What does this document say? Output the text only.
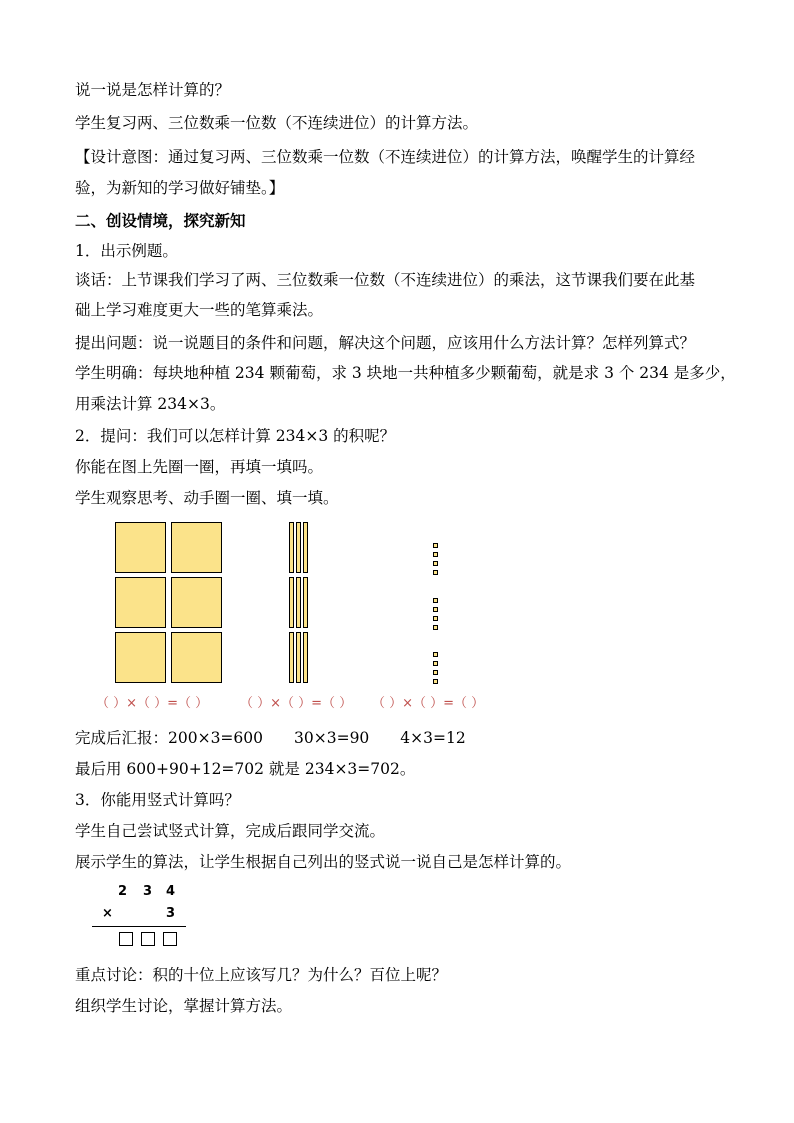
说一说是怎样计算的？
学生复习两、三位数乘一位数（不连续进位）的计算方法。
【设计意图：通过复习两、三位数乘一位数（不连续进位）的计算方法，唤醒学生的计算经
验，为新知的学习做好铺垫。】
二、创设情境，探究新知
1．出示例题。
谈话：上节课我们学习了两、三位数乘一位数（不连续进位）的乘法，这节课我们要在此基
础上学习难度更大一些的笔算乘法。
提出问题：说一说题目的条件和问题，解决这个问题，应该用什么方法计算？怎样列算式？
学生明确：每块地种植 234 颗葡萄，求 3 块地一共种植多少颗葡萄，就是求 3 个 234 是多少，
用乘法计算 234×3。
2．提问：我们可以怎样计算 234×3 的积呢？
你能在图上先圈一圈，再填一填吗。
学生观察思考、动手圈一圈、填一填。
（ ）×（ ）=（ ） （ ）×（ ）=（ ） （ ）×（ ）=（ ）
完成后汇报：200×3=600　　30×3=90　　4×3=12
最后用 600+90+12=702 就是 234×3=702。
3．你能用竖式计算吗？
学生自己尝试竖式计算，完成后跟同学交流。
展示学生的算法，让学生根据自己列出的竖式说一说自己是怎样计算的。
2 3 4
×	3
重点讨论：积的十位上应该写几？为什么？百位上呢？
组织学生讨论，掌握计算方法。
